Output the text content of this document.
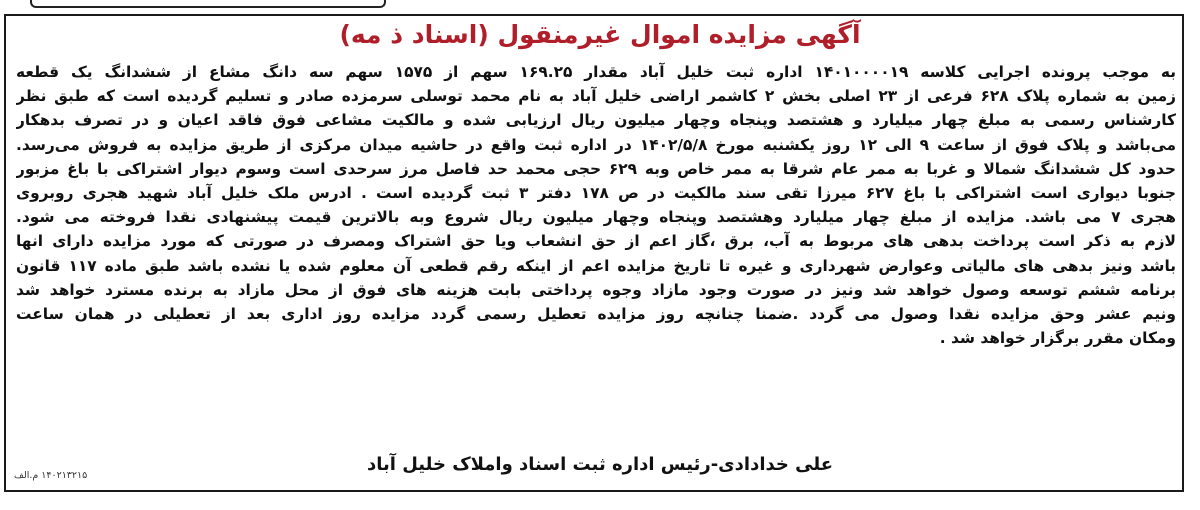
آگهی مزایده اموال غیرمنقول (اسناد ذ مه)
به موجب پرونده اجرایی کلاسه ۱۴۰۱۰۰۰۰۱۹ اداره ثبت خلیل آباد مقدار ۱۶۹.۲۵ سهم از ۱۵۷۵ سهم سه دانگ مشاع از ششدانگ یک قطعه
زمین به شماره پلاک ۶۲۸ فرعی از ۲۳ اصلی بخش ۲ کاشمر اراضی خلیل آباد به نام محمد توسلی سرمزده صادر و تسلیم گردیده است که طبق نظر
کارشناس رسمی به مبلغ چهار میلیارد و هشتصد وپنجاه وچهار میلیون ریال ارزیابی شده و مالکیت مشاعی فوق فاقد اعیان و در تصرف بدهکار
می‌باشد و پلاک فوق از ساعت ۹ الی ۱۲ روز یکشنبه مورخ ۱۴۰۲/۵/۸ در اداره ثبت واقع در حاشیه میدان مرکزی از طریق مزایده به فروش می‌رسد.
حدود کل ششدانگ شمالا و غربا به ممر عام شرقا به ممر خاص وبه ۶۲۹ حجی محمد حد فاصل مرز سرحدی است وسوم دیوار اشتراکی با باغ مزبور
جنوبا دیواری است اشتراکی با باغ ۶۲۷ میرزا تقی سند مالکیت در ص ۱۷۸ دفتر ۳ ثبت گردیده است . ادرس ملک خلیل آباد شهید هجری روبروی
هجری ۷ می باشد. مزایده از مبلغ چهار میلیارد وهشتصد وپنجاه وچهار میلیون ریال شروع وبه بالاترین قیمت پیشنهادی نقدا فروخته می شود.
لازم به ذکر است پرداخت بدهی های مربوط به آب، برق ،گاز اعم از حق انشعاب ویا حق اشتراک ومصرف در صورتی که مورد مزایده دارای انها
باشد ونیز بدهی های مالیاتی وعوارض شهرداری و غیره تا تاریخ مزایده اعم از اینکه رقم قطعی آن معلوم شده یا نشده باشد طبق ماده ۱۱۷ قانون
برنامه ششم توسعه وصول خواهد شد ونیز در صورت وجود مازاد وجوه پرداختی بابت هزینه های فوق از محل مازاد به برنده مسترد خواهد شد
ونیم عشر وحق مزایده نقدا وصول می گردد .ضمنا چنانچه روز مزایده تعطیل رسمی گردد مزایده روز اداری بعد از تعطیلی در همان ساعت
ومکان مقرر برگزار خواهد شد .
علی خدادادی-رئیس اداره ثبت اسناد واملاک خلیل آباد
۱۴۰۲۱۳۲۱۵ م.الف
